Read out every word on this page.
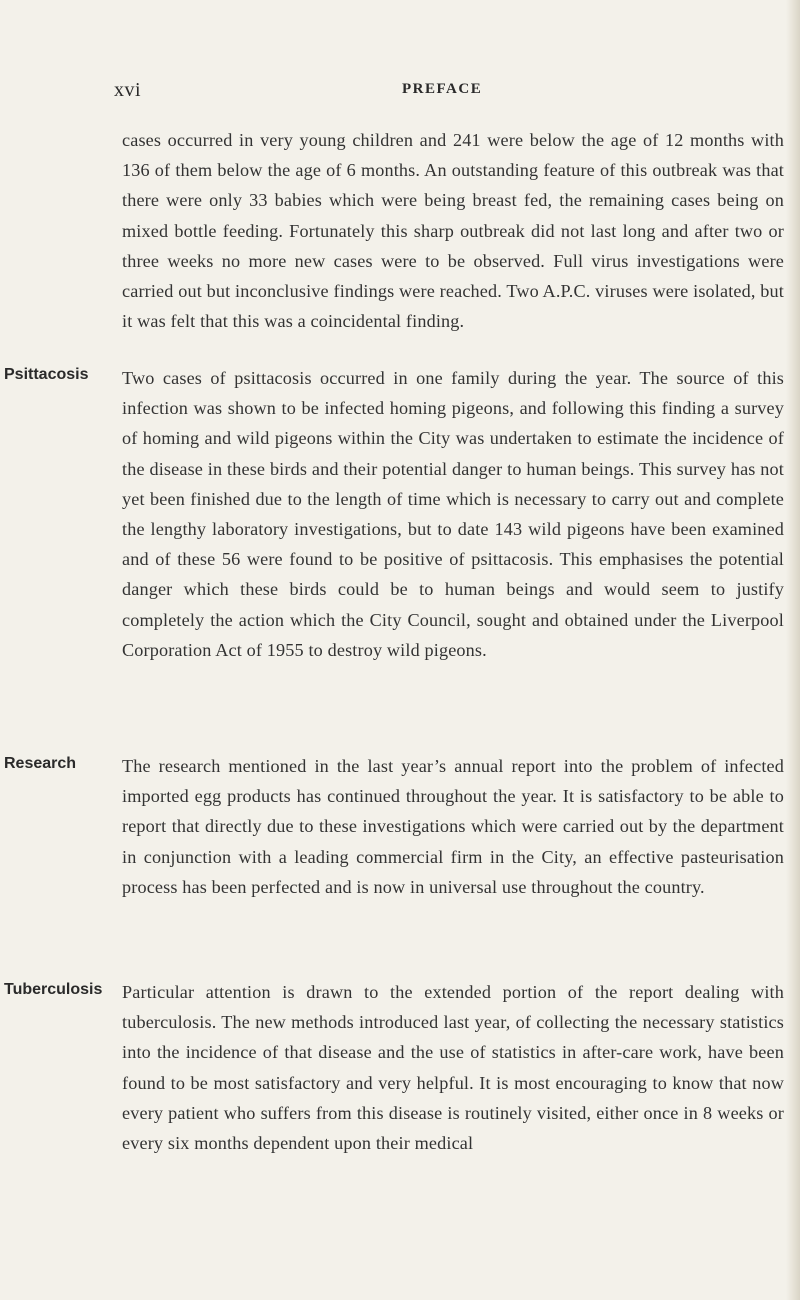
xvi	PREFACE

cases occurred in very young children and 241 were below the age of 12 months with 136 of them below the age of 6 months. An outstanding feature of this outbreak was that there were only 33 babies which were being breast fed, the remaining cases being on mixed bottle feeding. Fortunately this sharp outbreak did not last long and after two or three weeks no more new cases were to be observed. Full virus investigations were carried out but inconclusive findings were reached. Two A.P.C. viruses were isolated, but it was felt that this was a coincidental finding.

Psittacosis Two cases of psittacosis occurred in one family during the year. The source of this infection was shown to be infected homing pigeons, and following this finding a survey of homing and wild pigeons within the City was undertaken to estimate the incidence of the disease in these birds and their potential danger to human beings. This survey has not yet been finished due to the length of time which is necessary to carry out and complete the lengthy laboratory investigations, but to date 143 wild pigeons have been examined and of these 56 were found to be positive of psittacosis. This emphasises the potential danger which these birds could be to human beings and would seem to justify completely the action which the City Council, sought and obtained under the Liverpool Corporation Act of 1955 to destroy wild pigeons.

Research	The research mentioned in the last year’s annual report into the problem of infected imported egg products has continued throughout the year. It is satisfactory to be able to report that directly due to these investigations which were carried out by the department in conjunction with a leading commercial firm in the City, an effective pasteurisation process has been perfected and is now in universal use throughout the country.

Tuberculosis Particular attention is drawn to the extended portion of the report dealing with tuberculosis. The new methods introduced last year, of collecting the necessary statistics into the incidence of that disease and the use of statistics in after-care work, have been found to be most satisfactory and very helpful. It is most encouraging to know that now every patient who suffers from this disease is routinely visited, either once in 8 weeks or every six months dependent upon their medical
